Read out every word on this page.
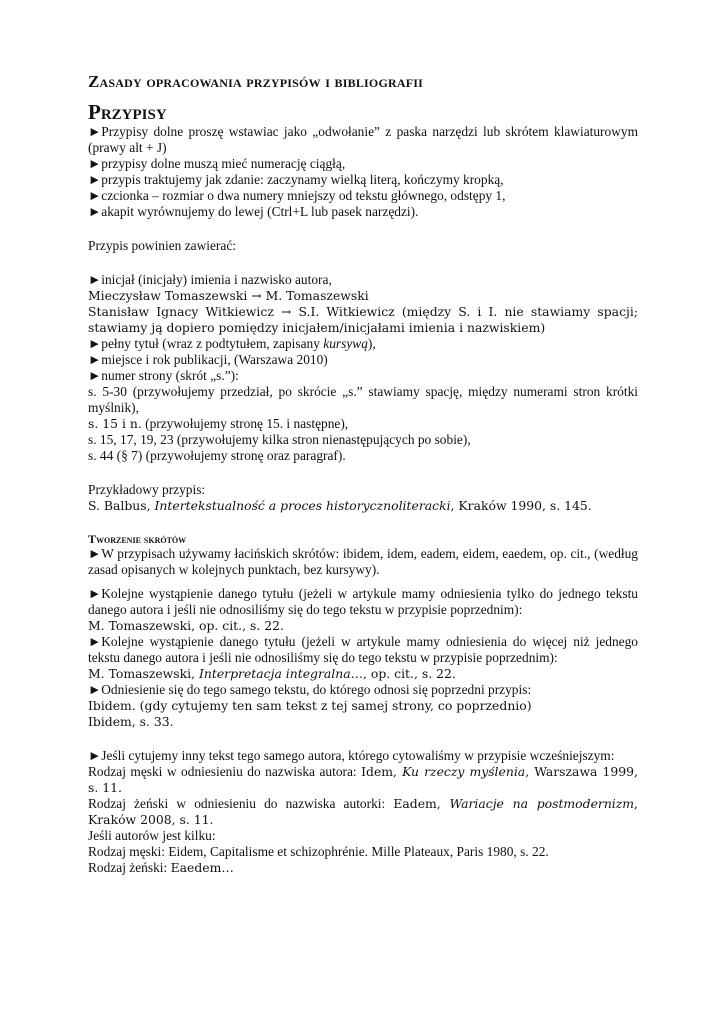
Zasady opracowania przypisów i bibliografii
Przypisy

►Przypisy dolne proszę wstawiac jako „odwołanie” z paska narzędzi lub skrótem klawiaturowym (prawy alt + J)

►przypisy dolne muszą mieć numerację ciągłą,

►przypis traktujemy jak zdanie: zaczynamy wielką literą, kończymy kropką,

►czcionka – rozmiar o dwa numery mniejszy od tekstu głównego, odstępy 1,

►akapit wyrównujemy do lewej (Ctrl+L lub pasek narzędzi).

Przypis powinien zawierać:

►inicjał (inicjały) imienia i nazwisko autora,

Mieczysław Tomaszewski → M. Tomaszewski

Stanisław Ignacy Witkiewicz → S.I. Witkiewicz (między S. i I. nie stawiamy spacji; stawiamy ją dopiero pomiędzy inicjałem/inicjałami imienia i nazwiskiem)

►pełny tytuł (wraz z podtytułem, zapisany kursywą),

►miejsce i rok publikacji, (Warszawa 2010)

►numer strony (skrót „s.”):

s. 5-30 (przywołujemy przedział, po skrócie „s.” stawiamy spację, między numerami stron krótki myślnik),

s. 15 i n. (przywołujemy stronę 15. i następne),

s. 15, 17, 19, 23 (przywołujemy kilka stron nienastępujących po sobie),

s. 44 (§ 7) (przywołujemy stronę oraz paragraf).

Przykładowy przypis:

S. Balbus, Intertekstualność a proces historycznoliteracki, Kraków 1990, s. 145.

Tworzenie skrótów

►W przypisach używamy łacińskich skrótów: ibidem, idem, eadem, eidem, eaedem, op. cit., (według zasad opisanych w kolejnych punktach, bez kursywy).

►Kolejne wystąpienie danego tytułu (jeżeli w artykule mamy odniesienia tylko do jednego tekstu danego autora i jeśli nie odnosiliśmy się do tego tekstu w przypisie poprzednim):

M. Tomaszewski, op. cit., s. 22.

►Kolejne wystąpienie danego tytułu (jeżeli w artykule mamy odniesienia do więcej niż jednego tekstu danego autora i jeśli nie odnosiliśmy się do tego tekstu w przypisie poprzednim):

M. Tomaszewski, Interpretacja integralna…, op. cit., s. 22.

►Odniesienie się do tego samego tekstu, do którego odnosi się poprzedni przypis:

Ibidem. (gdy cytujemy ten sam tekst z tej samej strony, co poprzednio)

Ibidem, s. 33.

►Jeśli cytujemy inny tekst tego samego autora, którego cytowaliśmy w przypisie wcześniejszym:

Rodzaj męski w odniesieniu do nazwiska autora: Idem, Ku rzeczy myślenia, Warszawa 1999, s. 11.

Rodzaj żeński w odniesieniu do nazwiska autorki: Eadem, Wariacje na postmodernizm, Kraków 2008, s. 11.

Jeśli autorów jest kilku:

Rodzaj męski: Eidem, Capitalisme et schizophrénie. Mille Plateaux, Paris 1980, s. 22.

Rodzaj żeński: Eaedem…
